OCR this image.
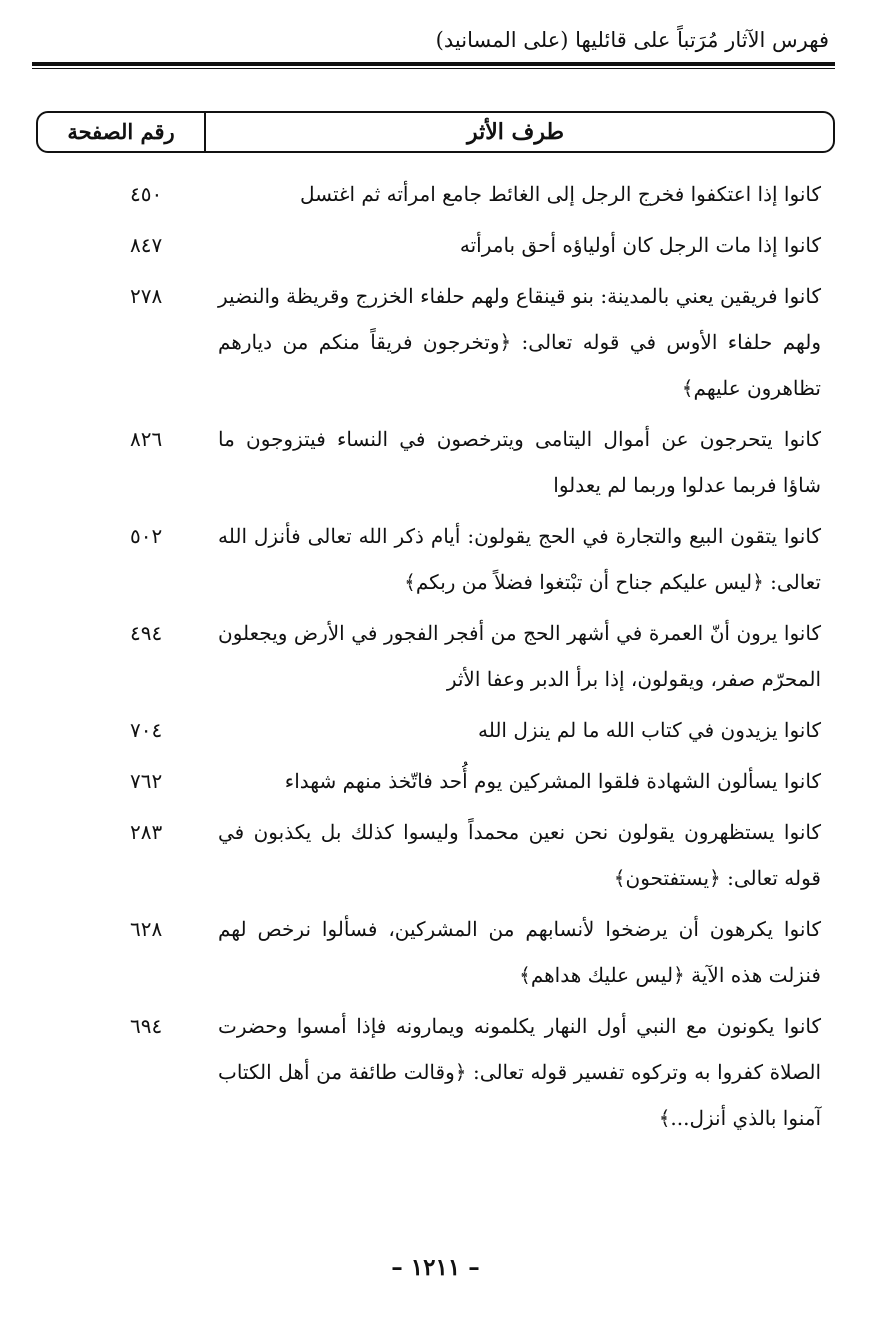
فهرس الآثار مُرَتباً على قائليها (على المسانيد)
طرف الأثر
رقم الصفحة
كانوا إذا اعتكفوا فخرج الرجل إلى الغائط جامع امرأته ثم اغتسل
٤٥٠
كانوا إذا مات الرجل كان أولياؤه أحق بامرأته
٨٤٧
كانوا فريقين يعني بالمدينة: بنو قينقاع ولهم حلفاء الخزرج وقريظة والنضير ولهم حلفاء الأوس في قوله تعالى: ﴿وتخرجون فريقاً منكم من ديارهم تظاهرون عليهم﴾
٢٧٨
كانوا يتحرجون عن أموال اليتامى ويترخصون في النساء فيتزوجون ما شاؤا فربما عدلوا وربما لم يعدلوا
٨٢٦
كانوا يتقون البيع والتجارة في الحج يقولون: أيام ذكر الله تعالى فأنزل الله تعالى: ﴿ليس عليكم جناح أن تبْتغوا فضلاً من ربكم﴾
٥٠٢
كانوا يرون أنّ العمرة في أشهر الحج من أفجر الفجور في الأرض ويجعلون المحرّم صفر، ويقولون، إذا برأ الدبر وعفا الأثر
٤٩٤
كانوا يزيدون في كتاب الله ما لم ينزل الله
٧٠٤
كانوا يسألون الشهادة فلقوا المشركين يوم أُحد فاتّخذ منهم شهداء
٧٦٢
كانوا يستظهرون يقولون نحن نعين محمداً وليسوا كذلك بل يكذبون في قوله تعالى: ﴿يستفتحون﴾
٢٨٣
كانوا يكرهون أن يرضخوا لأنسابهم من المشركين، فسألوا نرخص لهم فنزلت هذه الآية ﴿ليس عليك هداهم﴾
٦٢٨
كانوا يكونون مع النبي أول النهار يكلمونه ويمارونه فإذا أمسوا وحضرت الصلاة كفروا به وتركوه تفسير قوله تعالى: ﴿وقالت طائفة من أهل الكتاب آمنوا بالذي أنزل...﴾
٦٩٤
– ١٢١١ –
